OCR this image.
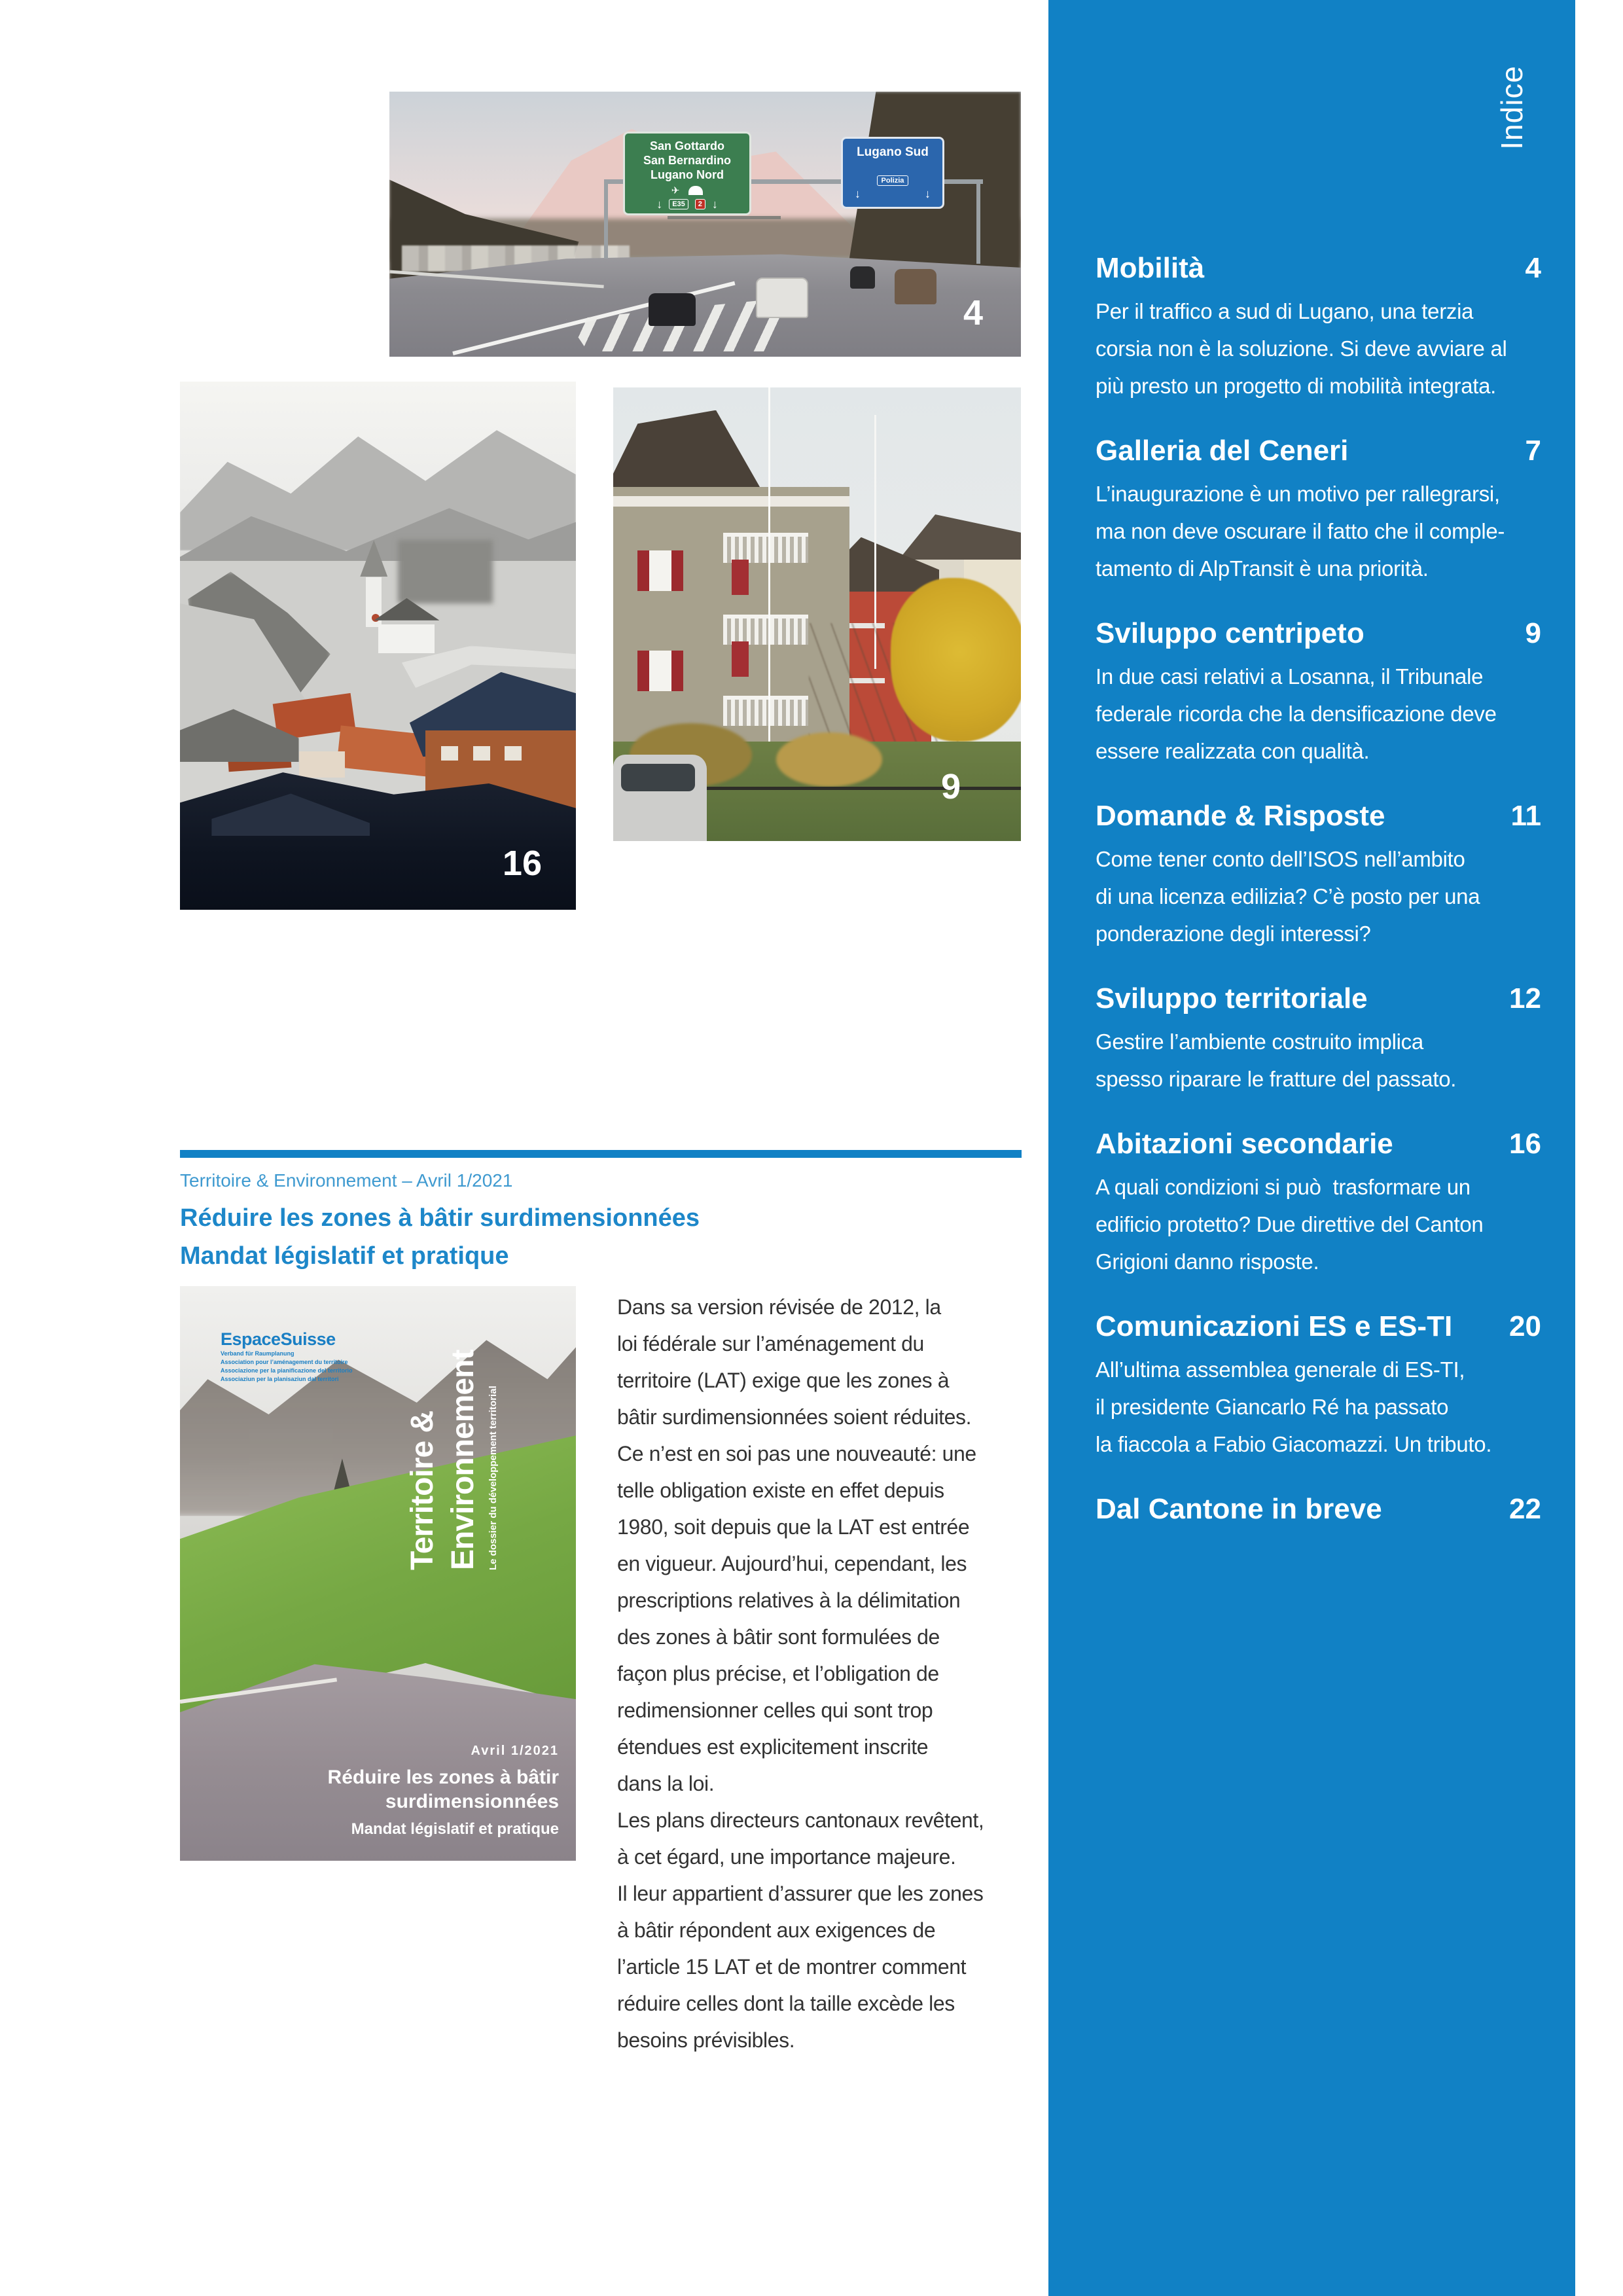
San Gottardo
San Bernardino
Lugano Nord
✈
↓	E35	2 ↓
Lugano Sud

Polizia
↓	↓
4
16
9
Indice
Mobilità	4
Per il traffico a sud di Lugano, una terzia
corsia non è la soluzione. Si deve avviare al
più presto un progetto di mobilità integrata.
Galleria del Ceneri	7
L’inaugurazione è un motivo per rallegrarsi,
ma non deve oscurare il fatto che il comple-
tamento di AlpTransit è una priorità.
Sviluppo centripeto	9
In due casi relativi a Losanna, il Tribunale
federale ricorda che la densificazione deve
essere realizzata con qualità.
Domande & Risposte	11
Come tener conto dell’ISOS nell’ambito
di una licenza edilizia? C’è posto per una
ponderazione degli interessi?
Sviluppo territoriale	12
Gestire l’ambiente costruito implica
spesso riparare le fratture del passato.
Abitazioni secondarie	16
A quali condizioni si può  trasformare un
edificio protetto? Due direttive del Canton
Grigioni danno risposte.
Comunicazioni ES e ES-TI 20
All’ultima assemblea generale di ES-TI,
il presidente Giancarlo Ré ha passato
la fiaccola a Fabio Giacomazzi. Un tributo.
Dal Cantone in breve	22
Territoire & Environnement – Avril 1/2021
Réduire les zones à bâtir surdimensionnées
Mandat législatif et pratique
EspaceSuisse
Verband für Raumplanung
Association pour l’aménagement du territoire
Associazione per la pianificazione del territorio
Associaziun per la planisaziun dal territori
Territoire & Environnement Le dossier du développement territorial
Avril 1/2021
Réduire les zones à bâtir
surdimensionnées
Mandat législatif et pratique
Dans sa version révisée de 2012, la
loi fédérale sur l’aménagement du
territoire (LAT) exige que les zones à
bâtir surdimensionnées soient réduites.
Ce n’est en soi pas une nouveauté: une
telle obligation existe en effet depuis
1980, soit depuis que la LAT est entrée
en vigueur. Aujourd’hui, cependant, les
prescriptions relatives à la délimitation
des zones à bâtir sont formulées de
façon plus précise, et l’obligation de
redimensionner celles qui sont trop
étendues est explicitement inscrite
dans la loi.
Les plans directeurs cantonaux revêtent,
à cet égard, une importance majeure.
Il leur appartient d’assurer que les zones
à bâtir répondent aux exigences de
l’article 15 LAT et de montrer comment
réduire celles dont la taille excède les
besoins prévisibles.
